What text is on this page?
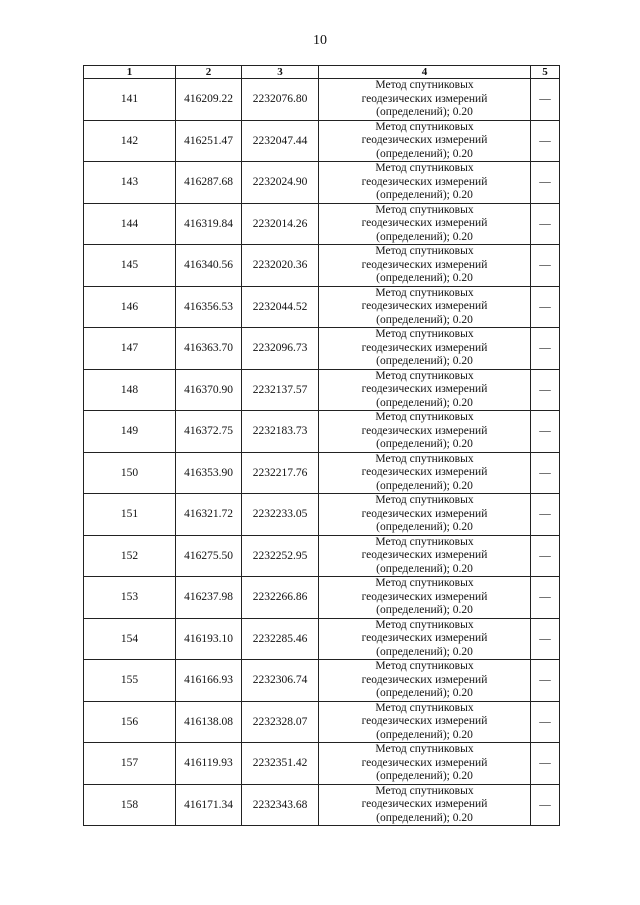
10
1	2	3	4	5
141	416209.22	2232076.80	Метод спутниковых
геодезических измерений
(определений); 0.20	—
142	416251.47	2232047.44	Метод спутниковых
геодезических измерений
(определений); 0.20	—
143	416287.68	2232024.90	Метод спутниковых
геодезических измерений
(определений); 0.20	—
144	416319.84	2232014.26	Метод спутниковых
геодезических измерений
(определений); 0.20	—
145	416340.56	2232020.36	Метод спутниковых
геодезических измерений
(определений); 0.20	—
146	416356.53	2232044.52	Метод спутниковых
геодезических измерений
(определений); 0.20	—
147	416363.70	2232096.73	Метод спутниковых
геодезических измерений
(определений); 0.20	—
148	416370.90	2232137.57	Метод спутниковых
геодезических измерений
(определений); 0.20	—
149	416372.75	2232183.73	Метод спутниковых
геодезических измерений
(определений); 0.20	—
150	416353.90	2232217.76	Метод спутниковых
геодезических измерений
(определений); 0.20	—
151	416321.72	2232233.05	Метод спутниковых
геодезических измерений
(определений); 0.20	—
152	416275.50	2232252.95	Метод спутниковых
геодезических измерений
(определений); 0.20	—
153	416237.98	2232266.86	Метод спутниковых
геодезических измерений
(определений); 0.20	—
154	416193.10	2232285.46	Метод спутниковых
геодезических измерений
(определений); 0.20	—
155	416166.93	2232306.74	Метод спутниковых
геодезических измерений
(определений); 0.20	—
156	416138.08	2232328.07	Метод спутниковых
геодезических измерений
(определений); 0.20	—
157	416119.93	2232351.42	Метод спутниковых
геодезических измерений
(определений); 0.20	—
158	416171.34	2232343.68	Метод спутниковых
геодезических измерений
(определений); 0.20	—
